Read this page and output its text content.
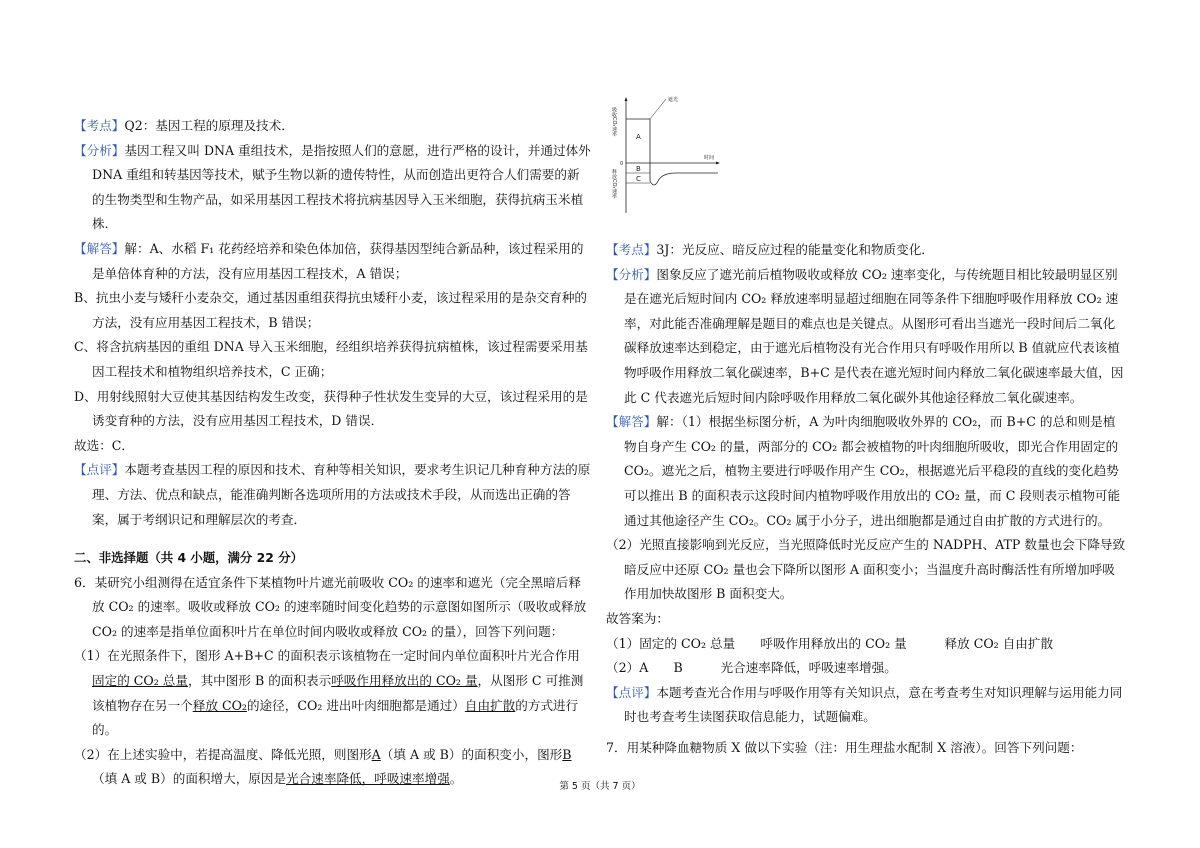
【考点】Q2：基因工程的原理及技术．

【分析】基因工程又叫 DNA 重组技术，是指按照人们的意愿，进行严格的设计，并通过体外 DNA 重组和转基因等技术，赋予生物以新的遗传特性，从而创造出更符合人们需要的新的生物类型和生物产品，如采用基因工程技术将抗病基因导入玉米细胞，获得抗病玉米植株．

【解答】解：A、水稻 F₁ 花药经培养和染色体加倍，获得基因型纯合新品种，该过程采用的是单倍体育种的方法，没有应用基因工程技术，A 错误；

B、抗虫小麦与矮秆小麦杂交，通过基因重组获得抗虫矮秆小麦，该过程采用的是杂交育种的方法，没有应用基因工程技术，B 错误；

C、将含抗病基因的重组 DNA 导入玉米细胞，经组织培养获得抗病植株，该过程需要采用基因工程技术和植物组织培养技术，C 正确；

D、用射线照射大豆使其基因结构发生改变，获得种子性状发生变异的大豆，该过程采用的是诱变育种的方法，没有应用基因工程技术，D 错误．

故选：C．

【点评】本题考查基因工程的原因和技术、育种等相关知识，要求考生识记几种育种方法的原理、方法、优点和缺点，能准确判断各选项所用的方法或技术手段，从而选出正确的答案，属于考纲识记和理解层次的考查．

二、非选择题（共 4 小题，满分 22 分）

6．某研究小组测得在适宜条件下某植物叶片遮光前吸收 CO₂ 的速率和遮光（完全黑暗后释放 CO₂ 的速率。吸收或释放 CO₂ 的速率随时间变化趋势的示意图如图所示（吸收或释放 CO₂ 的速率是指单位面积叶片在单位时间内吸收或释放 CO₂ 的量），回答下列问题：

（1）在光照条件下，图形 A+B+C 的面积表示该植物在一定时间内单位面积叶片光合作用固定的 CO₂ 总量，其中图形 B 的面积表示呼吸作用释放出的 CO₂ 量，从图形 C 可推测该植物存在另一个释放 CO₂的途径，CO₂ 进出叶肉细胞都是通过）自由扩散的方式进行的。

（2）在上述实验中，若提高温度、降低光照，则图形A（填 A 或 B）的面积变小，图形B（填 A 或 B）的面积增大，原因是光合速率降低，呼吸速率增强。

遮光
时间
0
A
B
C
吸收CO₂速率
释放CO₂速率

【考点】3J：光反应、暗反应过程的能量变化和物质变化．

【分析】图象反应了遮光前后植物吸收或释放 CO₂ 速率变化，与传统题目相比较最明显区别是在遮光后短时间内 CO₂ 释放速率明显超过细胞在同等条件下细胞呼吸作用释放 CO₂ 速率，对此能否准确理解是题目的难点也是关键点。从图形可看出当遮光一段时间后二氧化碳释放速率达到稳定，由于遮光后植物没有光合作用只有呼吸作用所以 B 值就应代表该植物呼吸作用释放二氧化碳速率，B+C 是代表在遮光短时间内释放二氧化碳速率最大值，因此 C 代表遮光后短时间内除呼吸作用释放二氧化碳外其他途径释放二氧化碳速率。

【解答】解：（1）根据坐标图分析，A 为叶肉细胞吸收外界的 CO₂，而 B+C 的总和则是植物自身产生 CO₂ 的量，两部分的 CO₂ 都会被植物的叶肉细胞所吸收，即光合作用固定的 CO₂。遮光之后，植物主要进行呼吸作用产生 CO₂，根据遮光后平稳段的直线的变化趋势可以推出 B 的面积表示这段时间内植物呼吸作用放出的 CO₂ 量，而 C 段则表示植物可能通过其他途径产生 CO₂。CO₂ 属于小分子，进出细胞都是通过自由扩散的方式进行的。

（2）光照直接影响到光反应，当光照降低时光反应产生的 NADPH、ATP 数量也会下降导致暗反应中还原 CO₂ 量也会下降所以图形 A 面积变小；当温度升高时酶活性有所增加呼吸作用加快故图形 B 面积变大。

故答案为：

（1）固定的 CO₂ 总量　　呼吸作用释放出的 CO₂ 量　　　释放 CO₂ 自由扩散

（2）A　　B　　　光合速率降低，呼吸速率增强。

【点评】本题考查光合作用与呼吸作用等有关知识点，意在考查考生对知识理解与运用能力同时也考查考生读图获取信息能力，试题偏难。

7．用某种降血糖物质 X 做以下实验（注：用生理盐水配制 X 溶液）。回答下列问题：

第 5 页（共 7 页）
